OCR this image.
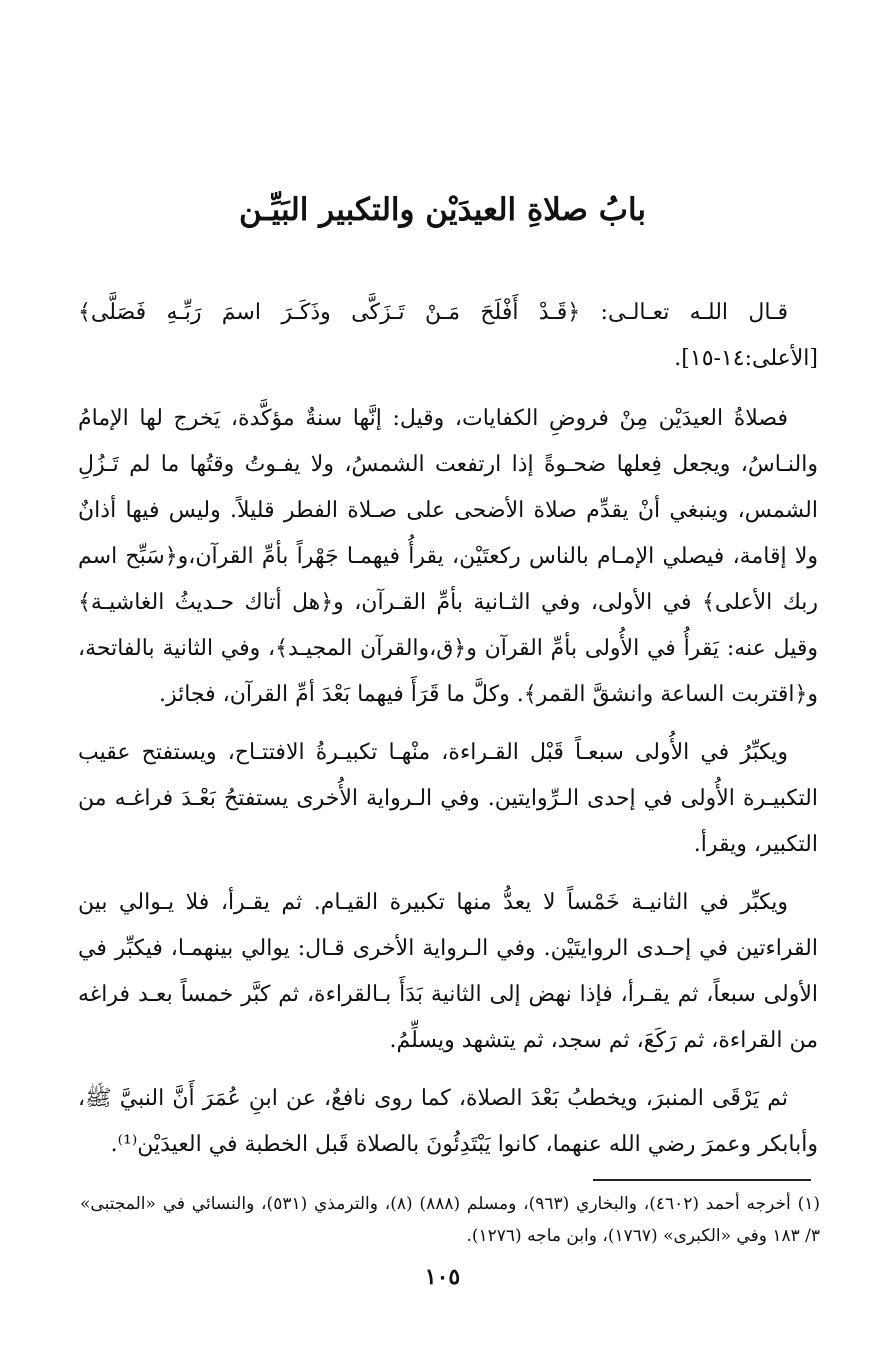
بابُ صلاةِ العيدَيْن والتكبير البَيِّـن

قـال اللـه تعـالـى: ﴿قَـدْ أَفْلَحَ مَـنْ تَـزَكَّى وذَكَـرَ اسمَ رَبِّـهِ فَصَلَّى﴾ [الأعلى:١٤-١٥].

فصلاةُ العيدَيْن مِنْ فروضِ الكفايات، وقيل: إنَّها سنةٌ مؤكَّدة، يَخرج لها الإمامُ والنـاسُ، ويجعل فِعلها ضحـوةً إذا ارتفعت الشمسُ، ولا يفـوتُ وقتُها ما لم تَـزُلِ الشمس، وينبغي أنْ يقدِّم صلاة الأضحى على صـلاة الفطر قليلاً. وليس فيها أذانٌ ولا إقامة، فيصلي الإمـام بالناس ركعتَيْن، يقرأُ فيهمـا جَهْراً بأمِّ القرآن،و﴿سَبِّح اسم ربك الأعلى﴾ في الأولى، وفي الثـانية بأمِّ القـرآن، و﴿هل أتاك حـديثُ الغاشيـة﴾ وقيل عنه: يَقرأُ في الأُولى بأمِّ القرآن و﴿ق،والقرآن المجيـد﴾، وفي الثانية بالفاتحة، و﴿اقتربت الساعة وانشقَّ القمر﴾. وكلَّ ما قَرَأَ فيهما بَعْدَ أمِّ القرآن، فجائز.

ويكبِّرُ في الأُولى سبعـاً قَبْل القـراءة، منْهـا تكبيـرةُ الافتتـاح، ويستفتح عقيب التكبيـرة الأُولى في إحدى الـرِّوايتين. وفي الـرواية الأُخرى يستفتحُ بَعْـدَ فراغـه من التكبير، ويقرأ.

ويكبِّر في الثانيـة خَمْساً لا يعدُّ منها تكبيرة القيـام. ثم يقـرأ، فلا يـوالي بين القراءتين في إحـدى الروايتَيْن. وفي الـرواية الأخرى قـال: يوالي بينهمـا، فيكبِّر في الأولى سبعاً، ثم يقـرأ، فإذا نهض إلى الثانية بَدَأَ بـالقراءة، ثم كبَّر خمساً بعـد فراغه من القراءة، ثم رَكَعَ، ثم سجد، ثم يتشهد ويسلِّمُ.

ثم يَرْقَى المنبرَ، ويخطبُ بَعْدَ الصلاة، كما روى نافعٌ، عن ابنِ عُمَرَ أَنَّ النبيَّ ﷺ، وأبابكر وعمرَ رضي الله عنهما، كانوا يَبْتَدِئُونَ بالصلاة قَبل الخطبة في العيدَيْن⁽¹⁾.

(١) أخرجه أحمد (٤٦٠٢)، والبخاري (٩٦٣)، ومسلم (٨٨٨) (٨)، والترمذي (٥٣١)، والنسائي في «المجتبى» ٣/ ١٨٣ وفي «الكبرى» (١٧٦٧)، وابن ماجه (١٢٧٦).

١٠٥
